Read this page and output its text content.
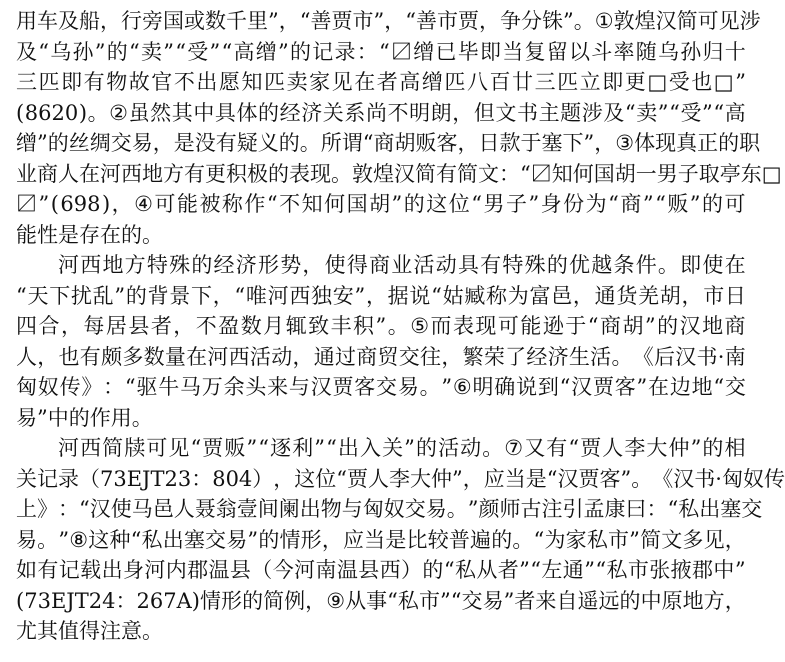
用 车 及 船 ， 行 旁 国 或 数 千 里 ” ， “ 善 贾 市 ” ， “ 善 市 贾 ， 争 分 铢 ” 。 ① 敦 煌 汉 简 可 见 涉
及 “ 乌 孙 ” 的 “ 卖 ” “ 受 ” “ 高 缯 ” 的 记 录 ： “ 〼 缯 已 毕 即 当 复 留 以 斗 率 随 乌 孙 归 十
三 匹 即 有 物 故 官 不 出 愿 知 匹 卖 家 见 在 者 高 缯 匹 八 百 廿 三 匹 立 即 更 □ 受 也 □ ”
( 8620 ) 。 ② 虽 然 其 中 具 体 的 经 济 关 系 尚 不 明 朗 ， 但 文 书 主 题 涉 及 “ 卖 ” “ 受 ” “ 高
缯 ” 的 丝 绸 交 易 ， 是 没 有 疑 义 的 。 所 谓 “ 商 胡 贩 客 ， 日 款 于 塞 下 ” ， ③ 体 现 真 正 的 职
业 商 人 在 河 西 地 方 有 更 积 极 的 表 现 。 敦 煌 汉 简 有 简 文 ： “ 〼 知 何 国 胡 一 男 子 取 亭 东 □
〼 ” ( 698 ) ， ④ 可 能 被 称 作 “ 不 知 何 国 胡 ” 的 这 位 “ 男 子 ” 身 份 为 “ 商 ” “ 贩 ” 的 可
能性是存在的。
河 西 地 方 特 殊 的 经 济 形 势 ， 使 得 商 业 活 动 具 有 特 殊 的 优 越 条 件 。 即 使 在
“ 天 下 扰 乱 ” 的 背 景 下 ， “ 唯 河 西 独 安 ” ， 据 说 “ 姑 臧 称 为 富 邑 ， 通 货 羌 胡 ， 市 日
四 合 ， 每 居 县 者 ， 不 盈 数 月 辄 致 丰 积 ” 。 ⑤ 而 表 现 可 能 逊 于 “ 商 胡 ” 的 汉 地 商
人 ， 也 有 颇 多 数 量 在 河 西 活 动 ， 通 过 商 贸 交 往 ， 繁 荣 了 经 济 生 活 。 《 后 汉 书 · 南
匈 奴 传 》 ： “ 驱 牛 马 万 余 头 来 与 汉 贾 客 交 易 。 ” ⑥ 明 确 说 到 “ 汉 贾 客 ” 在 边 地 “ 交
易”中的作用。
河 西 简 牍 可 见 “ 贾 贩 ” “ 逐 利 ” “ 出 入 关 ” 的 活 动 。 ⑦ 又 有 “ 贾 人 李 大 仲 ” 的 相
关 记 录 （ 73EJT23 ： 804 ） ， 这 位 “ 贾 人 李 大 仲 ” ， 应 当 是 “ 汉 贾 客 ” 。 《 汉 书 · 匈 奴 传
上 》 ： “ 汉 使 马 邑 人 聂 翁 壹 间 阑 出 物 与 匈 奴 交 易 。 ” 颜 师 古 注 引 孟 康 曰 ： “ 私 出 塞 交
易 。 ” ⑧ 这 种 “ 私 出 塞 交 易 ” 的 情 形 ， 应 当 是 比 较 普 遍 的 。 “ 为 家 私 市 ” 简 文 多 见 ，
如 有 记 载 出 身 河 内 郡 温 县 （ 今 河 南 温 县 西 ） 的 “ 私 从 者 ” “ 左 通 ” “ 私 市 张 掖 郡 中 ”
( 73EJT24 ： 267A ) 情 形 的 简 例 ， ⑨ 从 事 “ 私 市 ” “ 交 易 ” 者 来 自 遥 远 的 中 原 地 方 ，
尤其值得注意。
